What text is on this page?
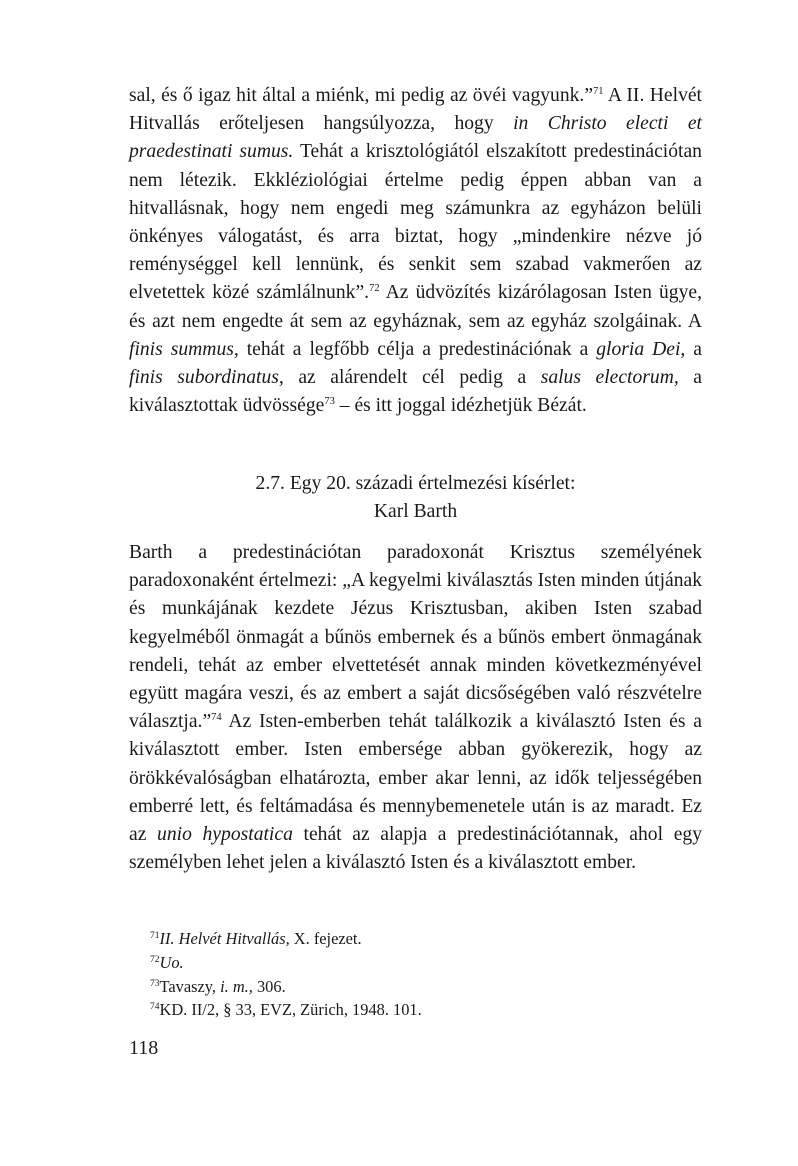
sal, és ő igaz hit által a miénk, mi pedig az övéi vagyunk.”$^{71}$ A II. Helvét Hitvallás erőteljesen hangsúlyozza, hogy in Christo electi et praedestinati sumus. Tehát a krisztológiától elszakított predestinációtan nem létezik. Ekkléziológiai értelme pedig éppen abban van a hitvallásnak, hogy nem engedi meg számunkra az egyházon belüli önkényes válogatást, és arra biztat, hogy „mindenkire nézve jó reménységgel kell lennünk, és senkit sem szabad vakmerően az elvetettek közé számlálnunk”.$^{72}$ Az üdvözítés kizárólagosan Isten ügye, és azt nem engedte át sem az egyháznak, sem az egyház szolgáinak. A finis summus, tehát a legfőbb célja a predestinációnak a gloria Dei, a finis subordinatus, az alárendelt cél pedig a salus electorum, a kiválasztottak üdvössége$^{73}$ – és itt joggal idézhetjük Bézát.

2.7. Egy 20. századi értelmezési kísérlet:
Karl Barth

Barth a predestinációtan paradoxonát Krisztus személyének paradoxonaként értelmezi: „A kegyelmi kiválasztás Isten minden útjának és munkájának kezdete Jézus Krisztusban, akiben Isten szabad kegyelméből önmagát a bűnös embernek és a bűnös embert önmagának rendeli, tehát az ember elvettetését annak minden következményével együtt magára veszi, és az embert a saját dicsőségében való részvételre választja.”$^{74}$ Az Isten-emberben tehát találkozik a kiválasztó Isten és a kiválasztott ember. Isten embersége abban gyökerezik, hogy az örökkévalóságban elhatározta, ember akar lenni, az idők teljességében emberré lett, és feltámadása és mennybemenetele után is az maradt. Ez az unio hypostatica tehát az alapja a predestinációtannak, ahol egy személyben lehet jelen a kiválasztó Isten és a kiválasztott ember.

$^{71}$II. Helvét Hitvallás, X. fejezet.
$^{72}$Uo.
$^{73}$Tavaszy, i. m., 306.
$^{74}$KD. II/2, § 33, EVZ, Zürich, 1948. 101.
118
